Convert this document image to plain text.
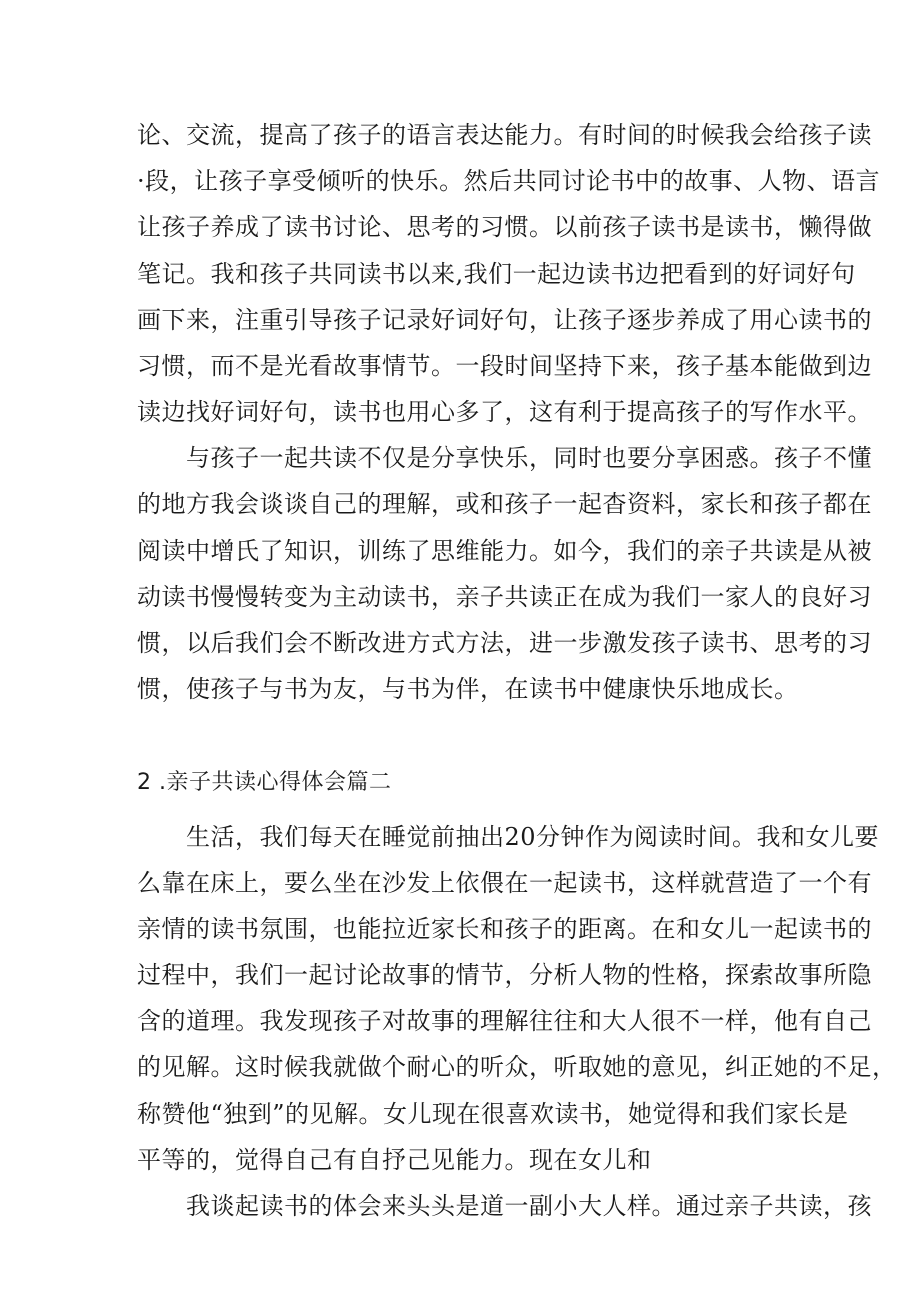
论、交流，提高了孩子的语言表达能力。有时间的时候我会给孩子读
·段，让孩子享受倾听的快乐。然后共同讨论书中的故事、人物、语言
让孩子养成了读书讨论、思考的习惯。以前孩子读书是读书，懒得做
笔记。我和孩子共同读书以来,我们一起边读书边把看到的好词好句
画下来，注重引导孩子记录好词好句，让孩子逐步养成了用心读书的
习惯，而不是光看故事情节。一段时间坚持下来，孩子基本能做到边
读边找好词好句，读书也用心多了，这有利于提高孩子的写作水平。
　　与孩子一起共读不仅是分享快乐，同时也要分享困惑。孩子不懂
的地方我会谈谈自己的理解，或和孩子一起杳资料，家长和孩子都在
阅读中增氏了知识，训练了思维能力。如今，我们的亲子共读是从被
动读书慢慢转变为主动读书，亲子共读正在成为我们一家人的良好习
惯，以后我们会不断改进方式方法，进一步激发孩子读书、思考的习
惯，使孩子与书为友，与书为伴，在读书中健康快乐地成长。
2 .亲子共读心得体会篇二
　　生活，我们每天在睡觉前抽出20分钟作为阅读时间。我和女儿要
么靠在床上，要么坐在沙发上依偎在一起读书，这样就营造了一个有
亲情的读书氛围，也能拉近家长和孩子的距离。在和女儿一起读书的
过程中，我们一起讨论故事的情节，分析人物的性格，探索故事所隐
含的道理。我发现孩子对故事的理解往往和大人很不一样，他有自己
的见解。这时候我就做个耐心的听众，听取她的意见，纠正她的不足，
称赞他“独到”的见解。女儿现在很喜欢读书，她觉得和我们家长是
平等的，觉得自己有自抒己见能力。现在女儿和
　　我谈起读书的体会来头头是道一副小大人样。通过亲子共读，孩
